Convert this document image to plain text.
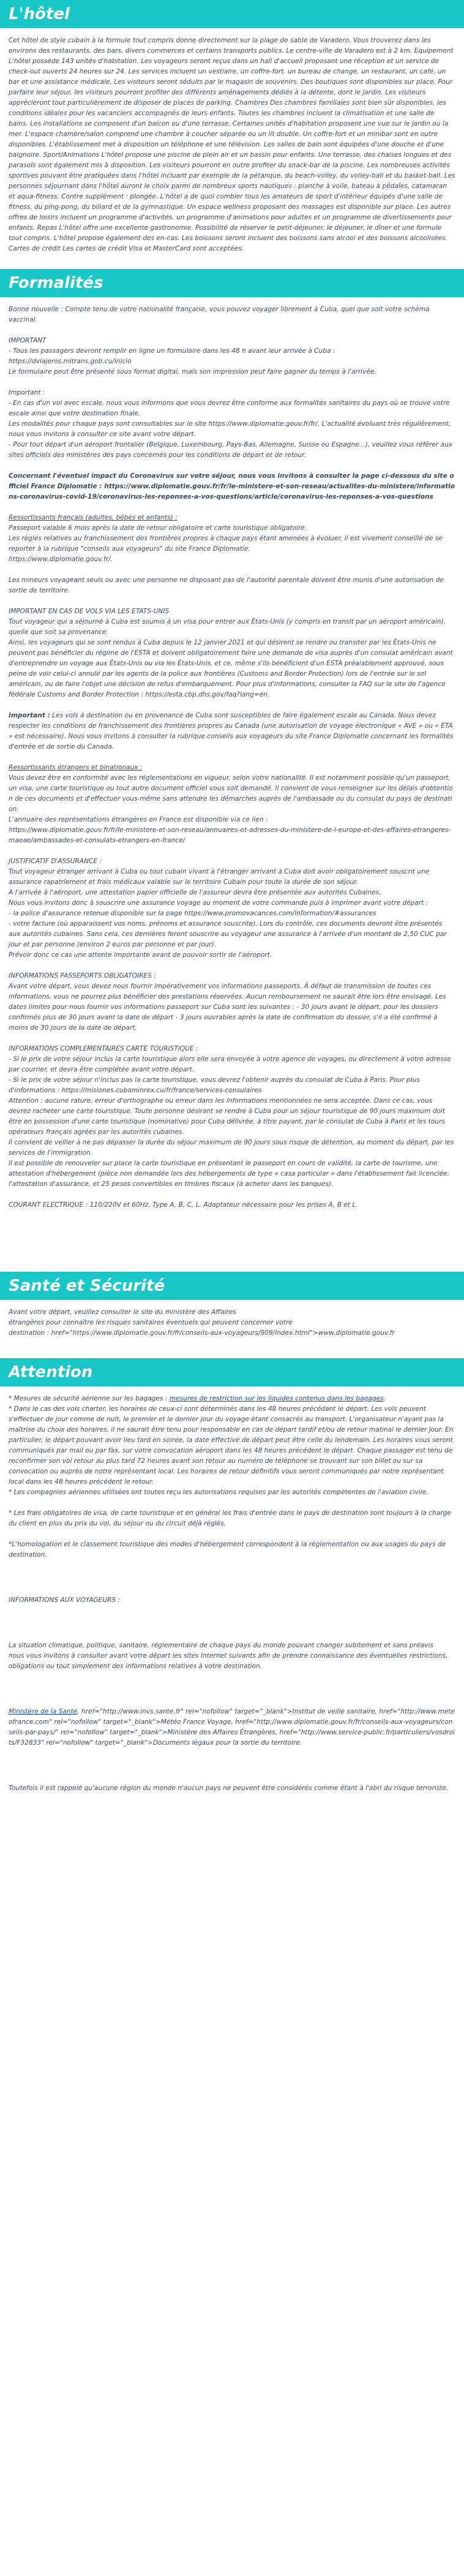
L'hôtel

Cet hôtel de style cubain à la formule tout compris donne directement sur la plage de sable de Varadero. Vous trouverez dans les environs des restaurants, des bars, divers commerces et certains transports publics. Le centre-ville de Varadero est à 2 km. Equipement L'hôtel possède 143 unités d'habitation. Les voyageurs seront reçus dans un hall d'accueil proposant une réception et un service de check-out ouverts 24 heures sur 24. Les services incluent un vestiaire, un coffre-fort, un bureau de change, un restaurant, un café, un bar et une assistance médicale. Les visiteurs seront séduits par le magasin de souvenirs. Des boutiques sont disponibles sur place. Pour parfaire leur séjour, les visiteurs pourront profiter des différents aménagements dédiés à la détente, dont le jardin. Les visiteurs apprécieront tout particulièrement de disposer de places de parking. Chambres Des chambres familiales sont bien sûr disponibles, les conditions idéales pour les vacanciers accompagnés de leurs enfants. Toutes les chambres incluent la climatisation et une salle de bains. Les installations se composent d'un balcon ou d'une terrasse. Certaines unités d'habitation proposent une vue sur le jardin ou la mer. L'espace chambre/salon comprend une chambre à coucher séparée ou un lit double. Un coffre-fort et un minibar sont en outre disponibles. L'établissement met à disposition un téléphone et une télévision. Les salles de bain sont équipées d'une douche et d'une baignoire. Sport/Animations L'hôtel propose une piscine de plein air et un bassin pour enfants. Une terrasse, des chaises longues et des parasols sont également mis à disposition. Les visiteurs pourront en outre profiter du snack-bar de la piscine. Les nombreuses activités sportives pouvant être pratiquées dans l'hôtel incluant par exemple de la pétanque, du beach-volley, du volley-ball et du basket-ball. Les personnes séjournant dans l'hôtel auront le choix parmi de nombreux sports nautiques : planche à voile, bateau à pédales, catamaran et aqua-fitness. Contre supplément : plongée. L'hôtel a de quoi combler tous les amateurs de sport d'intérieur équipés d'une salle de fitness, du ping-pong, du billard et de la gymnastique. Un espace wellness proposant des massages est disponible sur place. Les autres offres de loisirs incluent un programme d'activités, un programme d'animations pour adultes et un programme de divertissements pour enfants. Repas L'hôtel offre une excellente gastronomie. Possibilité de réserver le petit-déjeuner, le déjeuner, le dîner et une formule tout compris. L'hôtel propose également des en-cas. Les boissons seront incluent des boissons sans alcool et des boissons alcoolisées. Cartes de crédit Les cartes de crédit Visa et MasterCard sont acceptées.

Formalités

Bonne nouvelle : Compte tenu de votre nationalité française, vous pouvez voyager librement à Cuba, quel que soit votre schéma vaccinal.

IMPORTANT

- Tous les passagers devront remplir en ligne un formulaire dans les 48 h avant leur arrivée à Cuba :
https://dviajeros.mitrans.gob.cu/inicio
Le formulaire peut être présenté sous format digital, mais son impression peut faire gagner du temps à l'arrivée.

Important :

- En cas d'un vol avec escale, nous vous informons que vous devrez être conforme aux formalités sanitaires du pays où se trouve votre escale ainsi que votre destination finale.
Les modalités pour chaque pays sont consultables sur le site https://www.diplomatie.gouv.fr/fr/. L'actualité évoluant très régulièrement, nous vous invitons à consulter ce site avant votre départ.
- Pour tout départ d'un aéroport frontalier (Belgique, Luxembourg, Pays-Bas, Allemagne, Suisse ou Espagne...), veuillez vous référer aux sites officiels des ministères des pays concernés pour les conditions de départ et de retour.

Concernant l'éventuel impact du Coronavirus sur votre séjour, nous vous invitons à consulter la page ci-dessous du site officiel France Diplomatie : https://www.diplomatie.gouv.fr/fr/le-ministere-et-son-reseau/actualites-du-ministere/informations-coronavirus-covid-19/coronavirus-les-reponses-a-vos-questions/article/coronavirus-les-reponses-a-vos-questions

Ressortissants français (adultes, bébés et enfants) :

Passeport valable 6 mois après la date de retour obligatoire et carte touristique obligatoire.
Les règles relatives au franchissement des frontières propres à chaque pays étant amenées à évoluer, il est vivement conseillé de se reporter à la rubrique "conseils aux voyageurs" du site France Diplomatie.
https://www.diplomatie.gouv.fr/.

Les mineurs voyageant seuls ou avec une personne ne disposant pas de l'autorité parentale doivent être munis d'une autorisation de sortie de territoire.

IMPORTANT EN CAS DE VOLS VIA LES ETATS-UNIS

Tout voyageur qui a séjourné à Cuba est soumis à un visa pour entrer aux États-Unis (y compris en transit par un aéroport américain), quelle que soit sa provenance.
Ainsi, les voyageurs qui se sont rendus à Cuba depuis le 12 janvier 2021 et qui désirent se rendre ou transiter par les États-Unis ne peuvent pas bénéficier du régime de l'ESTA et doivent obligatoirement faire une demande de visa auprès d'un consulat américain avant d'entreprendre un voyage aux États-Unis ou via les États-Unis, et ce, même s'ils bénéficient d'un ESTA préalablement approuvé, sous peine de voir celui-ci annulé par les agents de la police aux frontières (Customs and Border Protection) lors de l'entrée sur le sol américain, ou de faire l'objet une décision de refus d'embarquement. Pour plus d'informations, consulter la FAQ sur le site de l'agence fédérale Customs and Border Protection : https://esta.cbp.dhs.gov/faq?lang=en.

Important : Les vols à destination ou en provenance de Cuba sont susceptibles de faire également escale au Canada. Nous devez respecter les conditions de franchissement des frontières propres au Canada (une autorisation de voyage électronique « AVE » ou « ETA » est nécessaire). Nous vous invitons à consulter la rubrique conseils aux voyageurs du site France Diplomatie concernant les formalités d'entrée et de sortie du Canada.

Ressortissants étrangers et binationaux :

Vous devez être en conformité avec les réglementations en vigueur, selon votre nationalité. Il est notamment possible qu'un passeport, un visa, une carte touristique ou tout autre document officiel vous soit demandé. Il convient de vous renseigner sur les délais d'obtention de ces documents et d'effectuer vous-même sans attendre les démarches auprès de l'ambassade ou du consulat du pays de destination.
L'annuaire des représentations étrangères en France est disponible via ce lien :
https://www.diplomatie.gouv.fr/fr/le-ministere-et-son-reseau/annuaires-et-adresses-du-ministere-de-l-europe-et-des-affaires-etrangeres-maeae/ambassades-et-consulats-etrangers-en-france/

JUSTIFICATIF D'ASSURANCE :

Tout voyageur étranger arrivant à Cuba ou tout cubain vivant à l'étranger arrivant à Cuba doit avoir obligatoirement souscrit une assurance rapatriement et frais médicaux valable sur le territoire Cubain pour toute la durée de son séjour.
A l'arrivée à l'aéroport, une attestation papier officielle de l'assureur devra être présentée aux autorités Cubaines.
Nous vous invitons donc à souscrire une assurance voyage au moment de votre commande puis à imprimer avant votre départ :
- la police d'assurance retenue disponible sur la page https://www.promovacances.com/information/#assurances
- votre facture (où apparaissent vos noms, prénoms et assurance souscrite). Lors du contrôle, ces documents devront être présentés aux autorités cubaines. Sans cela, ces dernières feront souscrire au voyageur une assurance à l'arrivée d'un montant de 2,50 CUC par jour et par personne (environ 2 euros par personne et par jour).
Prévoir donc ce cas une attente importante avant de pouvoir sortir de l'aéroport.

INFORMATIONS PASSEPORTS OBLIGATOIRES :

Avant votre départ, vous devez nous fournir impérativement vos informations passeports. À défaut de transmission de toutes ces informations, vous ne pourrez plus bénéficier des prestations réservées. Aucun remboursement ne saurait être lors être envisagé. Les dates limites pour nous fournir vos informations passeport sur Cuba sont les suivantes : - 30 jours avant le départ, pour les dossiers confirmés plus de 30 jours avant la date de départ - 3 jours ouvrables après la date de confirmation du dossier, s'il a été confirmé à moins de 30 jours de la date de départ.

INFORMATIONS COMPLEMENTAIRES CARTE TOURISTIQUE :

- Si le prix de votre séjour inclus la carte touristique alors elle sera envoyée à votre agence de voyages, ou directement à votre adresse par courrier, et devra être complétée avant votre départ.
- Si le prix de votre séjour n'inclus pas la carte touristique, vous devrez l'obtenir auprès du consulat de Cuba à Paris. Pour plus d'informations : https://misiones.cubaminrex.cu/fr/france/services-consulaires
Attention : aucune rature, erreur d'orthographe ou erreur dans les informations mentionnées ne sera acceptée. Dans ce cas, vous devrez racheter une carte touristique. Toute personne désirant se rendre à Cuba pour un séjour touristique de 90 jours maximum doit être en possession d'une carte touristique (nominative) pour Cuba délivrée, à titre payant, par le consulat de Cuba à Paris et les tours opérateurs français agréés par les autorités cubaines.
Il convient de veiller à ne pas dépasser la durée du séjour maximum de 90 jours sous risque de détention, au moment du départ, par les services de l'immigration.
Il est possible de renouveler sur place la carte touristique en présentant le passeport en cours de validité, la carte de tourisme, une attestation d'hébergement (pièce non demandée lors des hébergements de type « casa particular » dans l'établissement fait licenciée, l'attestation d'assurance, et 25 pesos convertibles en timbres fiscaux (à acheter dans les banques).

COURANT ELECTRIQUE : 110/220V et 60Hz. Type A, B, C, L. Adaptateur nécessaire pour les prises A, B et L.

Santé et Sécurité

Avant votre départ, veuillez consulter le site du ministère des Affaires
étrangères pour connaître les risques sanitaires éventuels qui peuvent concerner votre
destination : href="https://www.diplomatie.gouv.fr/fr/conseils-aux-voyageurs/909/index.html">www.diplomatie.gouv.fr

Attention

* Mesures de sécurité aérienne sur les bagages : mesures de restriction sur les liquides contenus dans les bagages.

* Dans le cas des vols charter, les horaires de ceux-ci sont déterminés dans les 48 heures précédant le départ. Les vols peuvent s'effectuer de jour comme de nuit, le premier et le dernier jour du voyage étant consacrés au transport. L'organisateur n'ayant pas la maîtrise du choix des horaires, il ne saurait être tenu pour responsable en cas de départ tardif et/ou de retour matinal le dernier jour. En particulier, le départ pouvant avoir lieu tard en soirée, la date effective de départ peut être celle du lendemain. Les horaires vous seront communiqués par mail ou par fax, sur votre convocation aéroport dans les 48 heures précédent le départ. Chaque passager est tenu de reconfirmer son vol retour au plus tard 72 heures avant son retour au numéro de téléphone se trouvant sur son billet ou sur sa convocation ou auprès de notre représentant local. Les horaires de retour définitifs vous seront communiqués par notre représentant local dans les 48 heures précédent le retour.
* Les compagnies aériennes utilisées ont toutes reçu les autorisations requises par les autorités compétentes de l'aviation civile.

* Les frais obligatoires de visa, de carte touristique et en général les frais d'entrée dans le pays de destination sont toujours à la charge du client en plus du prix du vol, du séjour ou du circuit déjà réglés.

*L'homologation et le classement touristique des modes d'hébergement correspondent à la réglementation ou aux usages du pays de destination.

INFORMATIONS AUX VOYAGEURS :

La situation climatique, politique, sanitaire, réglementaire de chaque pays du monde pouvant changer subitement et sans préavis
nous vous invitons à consulter avant votre départ les sites Internet suivants afin de prendre connaissance des éventuelles restrictions, obligations ou tout simplement des informations relatives à votre destination.

Ministère de la Santé, href="http://www.invs.sante.fr" rel="nofollow" target="_blank">Institut de veille sanitaire, href="http://www.meteofrance.com" rel="nofollow" target="_blank">Météo France Voyage, href="http://www.diplomatie.gouv.fr/fr/conseils-aux-voyageurs/conseils-par-pays/" rel="nofollow" target="_blank">Ministère des Affaires Étrangères, href="http://www.service-public.fr/particuliers/vosdroits/F32833" rel="nofollow" target="_blank">Documents légaux pour la sortie du territoire.

Toutefois il est rappelé qu'aucune région du monde n'aucun pays ne peuvent être considérés comme étant à l'abri du risque terroriste.
